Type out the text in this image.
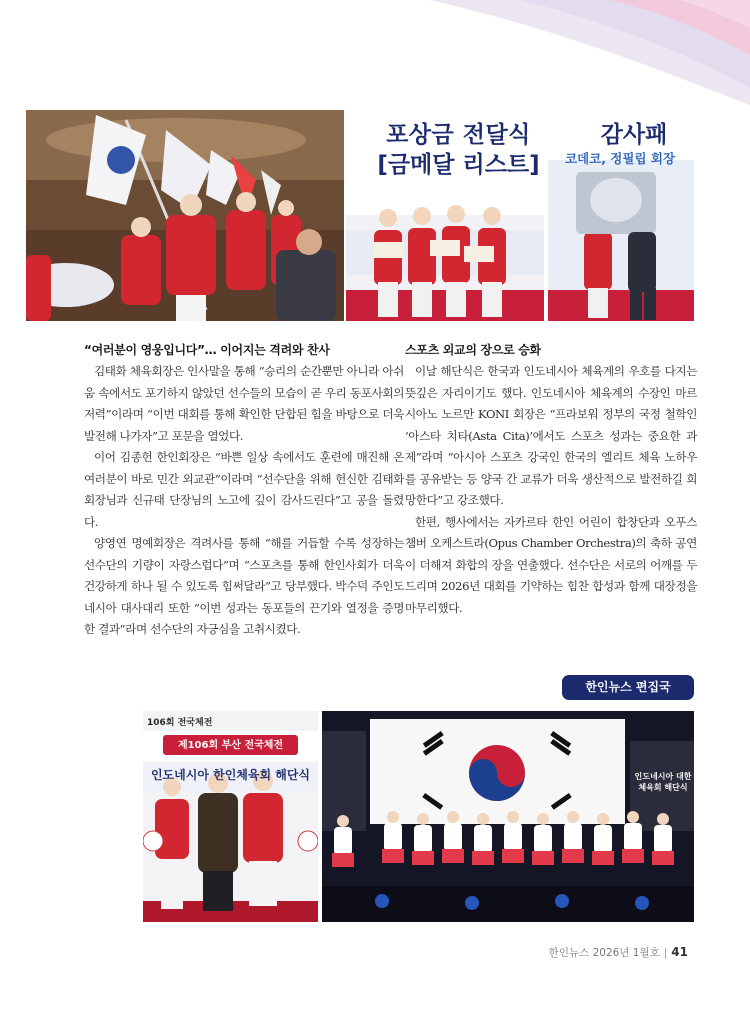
포상금 전달식
[금메달 리스트]
감사패
코데코, 정필립 회장
“여러분이 영웅입니다”… 이어지는 격려와 찬사

김태화 체육회장은 인사말을 통해 “승리의 순간뿐만 아니라 아쉬움 속에서도 포기하지 않았던 선수들의 모습이 곧 우리 동포사회의 저력”이라며 “이번 대회를 통해 확인한 단합된 힘을 바탕으로 더욱 발전해 나가자”고 포문을 열었다.

이어 김종헌 한인회장은 “바쁜 일상 속에서도 훈련에 매진해 온 여러분이 바로 민간 외교관”이라며 “선수단을 위해 헌신한 김태화 회장님과 신규태 단장님의 노고에 깊이 감사드린다”고 공을 돌렸다.

양영연 명예회장은 격려사를 통해 “해를 거듭할 수록 성장하는 선수단의 기량이 자랑스럽다”며 “스포츠를 통해 한인사회가 더욱 건강하게 하나 될 수 있도록 힘써달라”고 당부했다. 박수덕 주인도네시아 대사대리 또한 “이번 성과는 동포들의 끈기와 열정을 증명한 결과”라며 선수단의 자긍심을 고취시켰다.

스포츠 외교의 장으로 승화

이날 해단식은 한국과 인도네시아 체육계의 우호를 다지는 뜻깊은 자리이기도 했다. 인도네시아 체육계의 수장인 마르시아노 노르만 KONI 회장은 “프라보워 정부의 국정 철학인 ‘아스타 치타(Asta Cita)’에서도 스포츠 성과는 중요한 과제”라며 “아시아 스포츠 강국인 한국의 엘리트 체육 노하우를 공유받는 등 양국 간 교류가 더욱 생산적으로 발전하길 희망한다”고 강조했다.

한편, 행사에서는 자카르타 한인 어린이 합창단과 오푸스 챔버 오케스트라(Opus Chamber Orchestra)의 축하 공연이 더해져 화합의 장을 연출했다. 선수단은 서로의 어깨를 두드리며 2026년 대회를 기약하는 힘찬 합성과 함께 대장정을 마무리했다.

한인뉴스 편집국
106회 전국체전
제106회 부산 전국체전
인도네시아 한인체육회 해단식	인도네시아 대한체육회 해단식
한인뉴스 2026년 1월호 | 41
